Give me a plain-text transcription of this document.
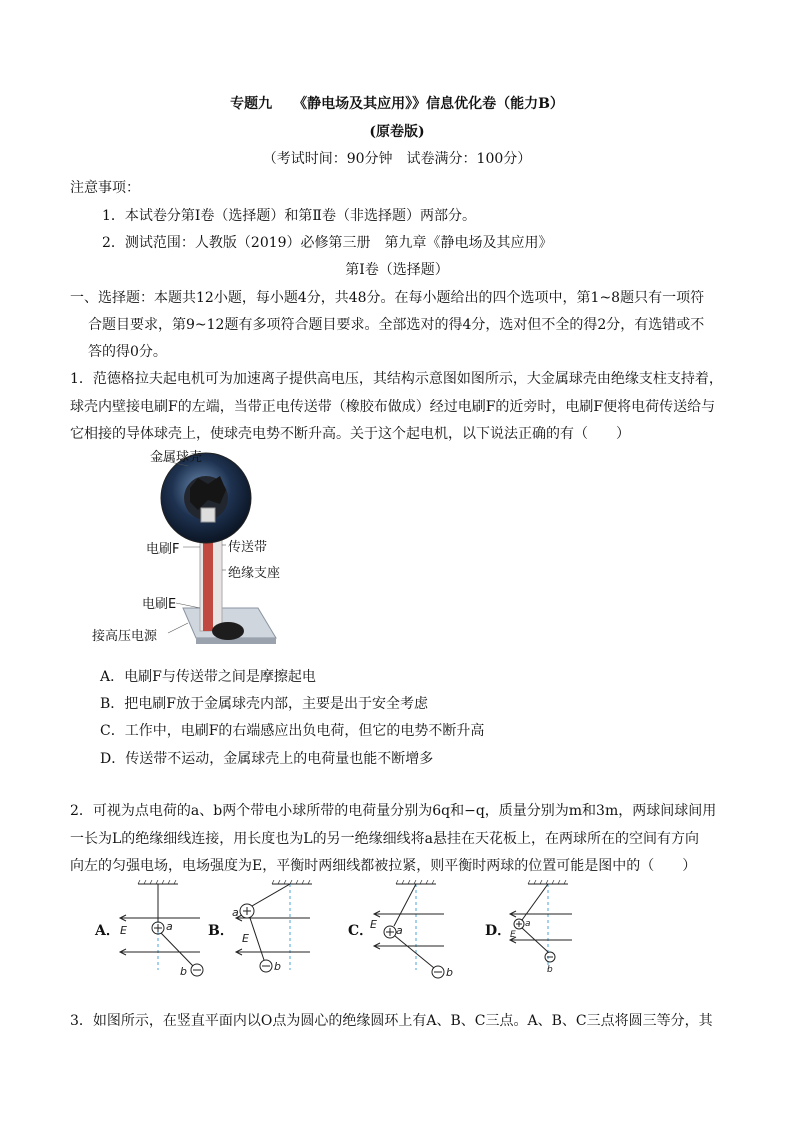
专题九　　《静电场及其应用》》信息优化卷（能力B）
(原卷版)
（考试时间：90分钟　试卷满分：100分）
注意事项：
1．本试卷分第Ⅰ卷（选择题）和第Ⅱ卷（非选择题）两部分。
2．测试范围：人教版（2019）必修第三册　第九章《静电场及其应用》
第Ⅰ卷（选择题）
一、选择题：本题共12小题，每小题4分，共48分。在每小题给出的四个选项中，第1~8题只有一项符
合题目要求，第9~12题有多项符合题目要求。全部选对的得4分，选对但不全的得2分，有选错或不
答的得0分。
1．范德格拉夫起电机可为加速离子提供高电压，其结构示意图如图所示，大金属球壳由绝缘支柱支持着，
球壳内壁接电刷F的左端，当带正电传送带（橡胶布做成）经过电刷F的近旁时，电刷F便将电荷传送给与
它相接的导体球壳上，使球壳电势不断升高。关于这个起电机，以下说法正确的有（　　）
金属球壳
电刷F	传送带
绝缘支座
电刷E
接高压电源
A．电刷F与传送带之间是摩擦起电
B．把电刷F放于金属球壳内部，主要是出于安全考虑
C．工作中，电刷F的右端感应出负电荷，但它的电势不断升高
D．传送带不运动，金属球壳上的电荷量也能不断增多
2．可视为点电荷的a、b两个带电小球所带的电荷量分别为6q和−q，质量分别为m和3m，两球间球间用
一长为L的绝缘细线连接，用长度也为L的另一绝缘细线将a悬挂在天花板上，在两球所在的空间有方向
向左的匀强电场，电场强度为E，平衡时两细线都被拉紧，则平衡时两球的位置可能是图中的（　　）
A．	B．	C．	D．
E	a
b
E
a
b
E a
b
E
a
b
3．如图所示，在竖直平面内以O点为圆心的绝缘圆环上有A、B、C三点。A、B、C三点将圆三等分，其
